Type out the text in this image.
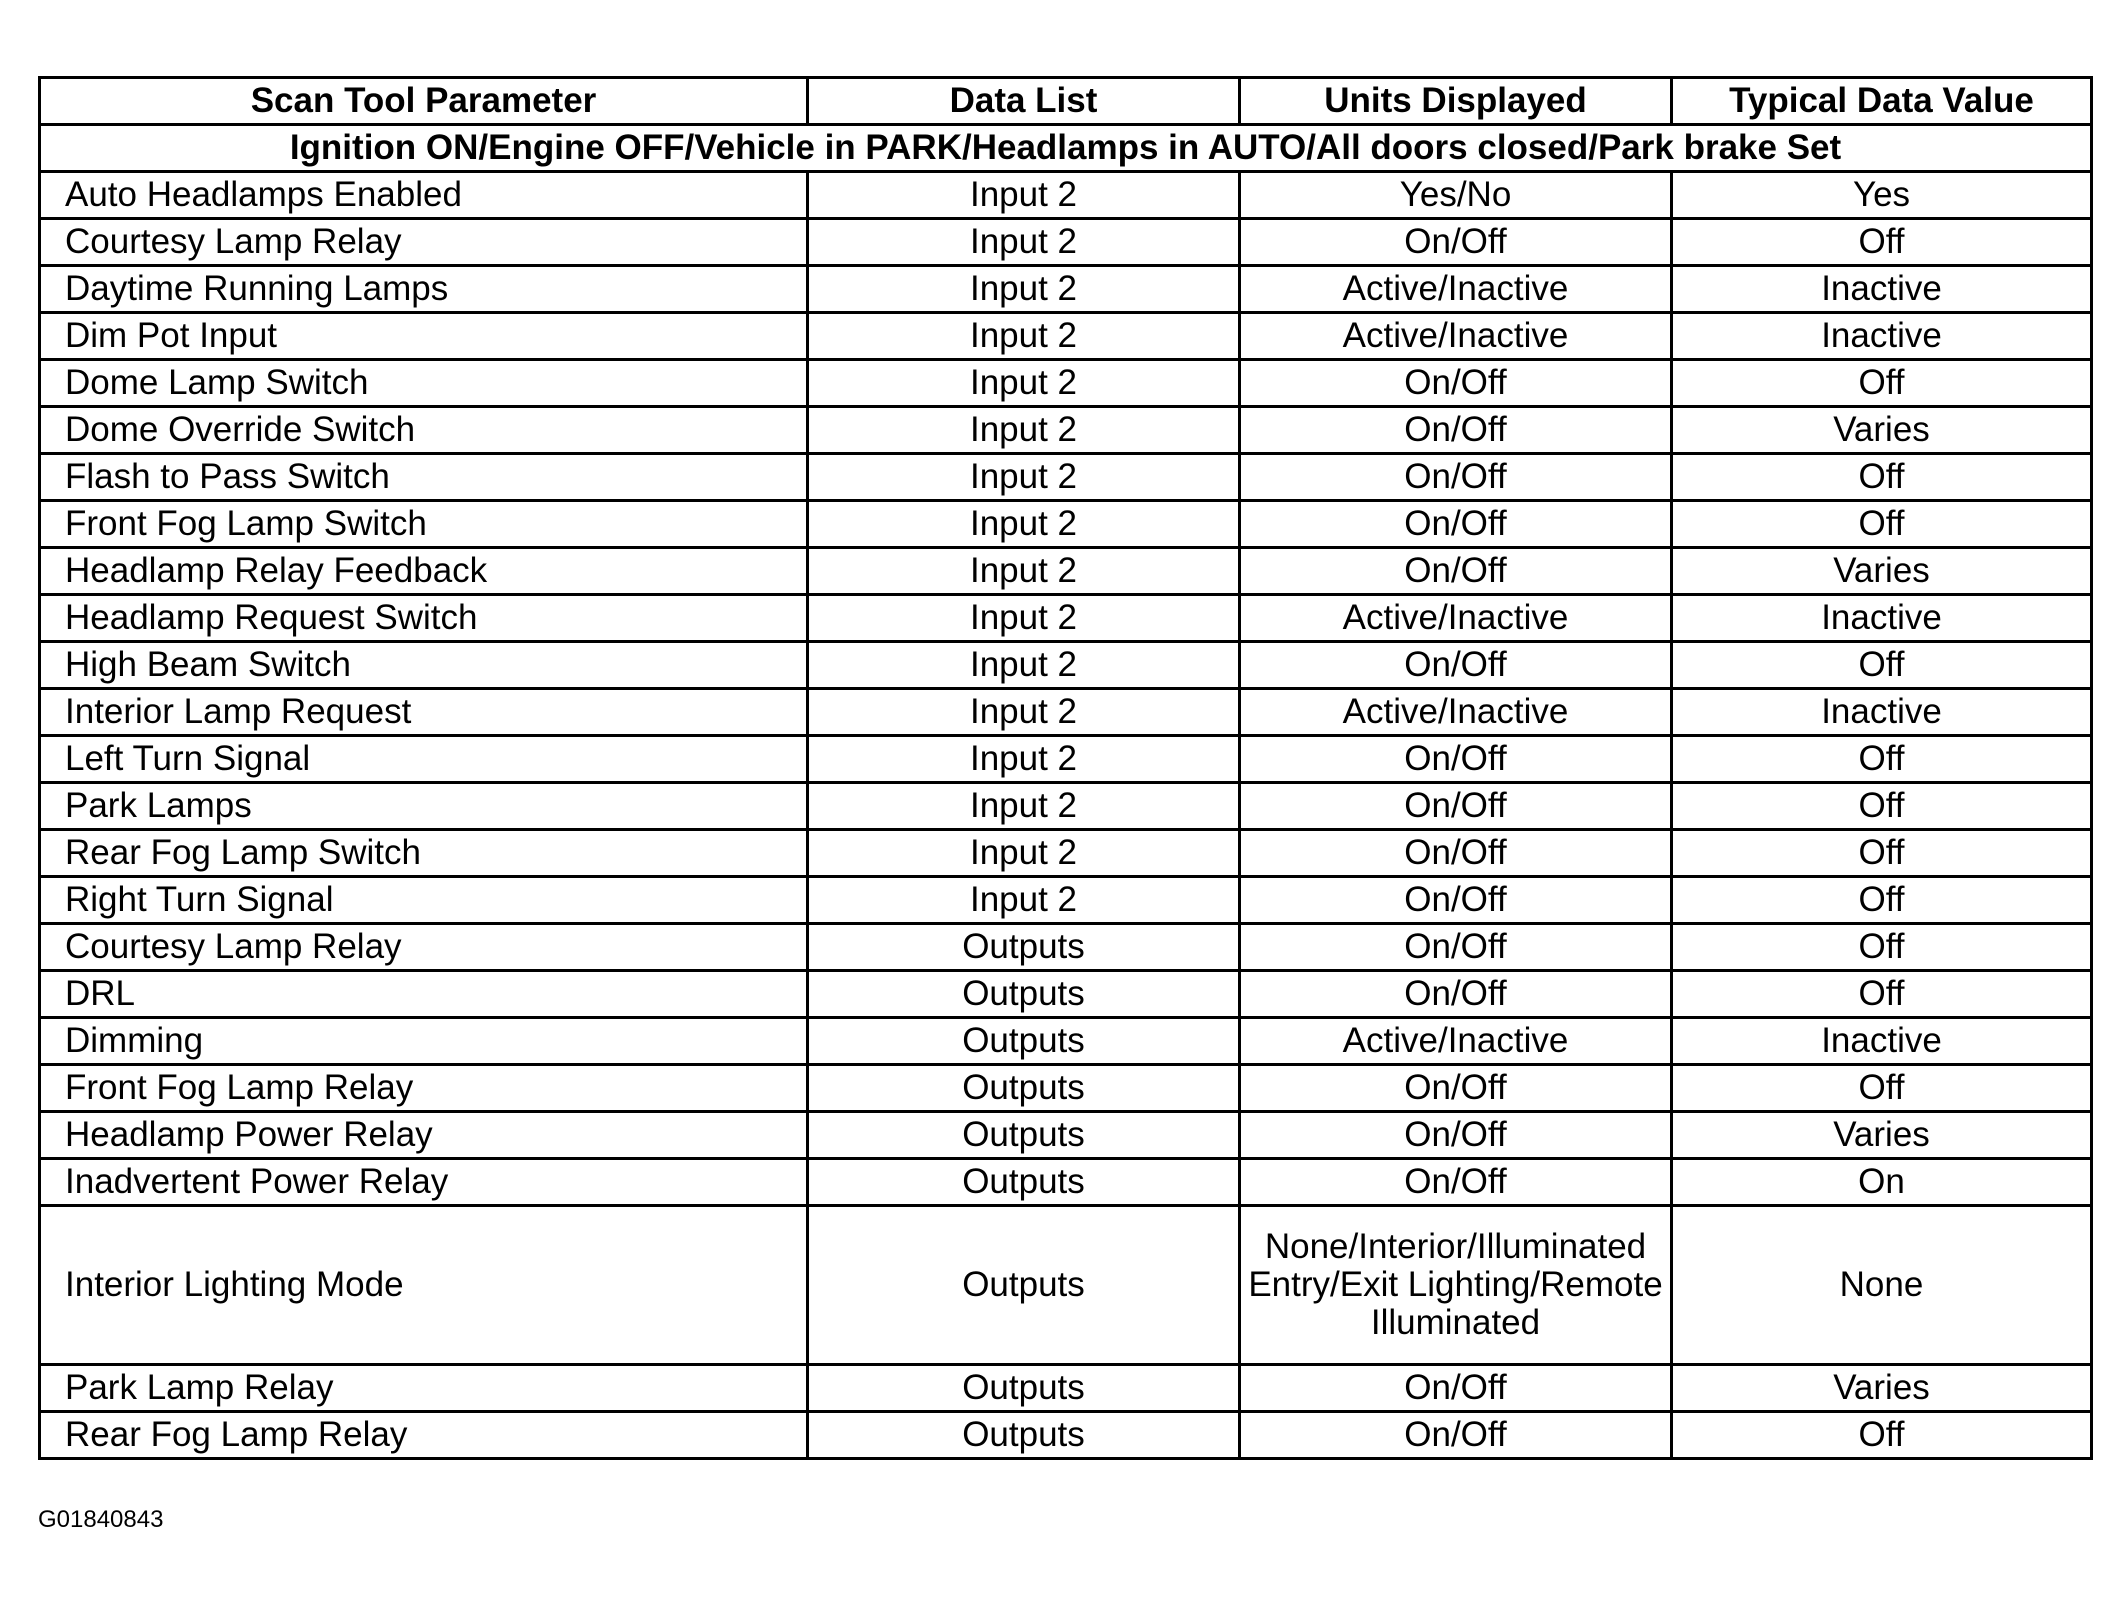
Scan Tool Parameter	Data List	Units Displayed	Typical Data Value
Ignition ON/Engine OFF/Vehicle in PARK/Headlamps in AUTO/All doors closed/Park brake Set			
Auto Headlamps Enabled	Input 2	Yes/No	Yes
Courtesy Lamp Relay	Input 2	On/Off	Off
Daytime Running Lamps	Input 2	Active/Inactive	Inactive
Dim Pot Input	Input 2	Active/Inactive	Inactive
Dome Lamp Switch	Input 2	On/Off	Off
Dome Override Switch	Input 2	On/Off	Varies
Flash to Pass Switch	Input 2	On/Off	Off
Front Fog Lamp Switch	Input 2	On/Off	Off
Headlamp Relay Feedback	Input 2	On/Off	Varies
Headlamp Request Switch	Input 2	Active/Inactive	Inactive
High Beam Switch	Input 2	On/Off	Off
Interior Lamp Request	Input 2	Active/Inactive	Inactive
Left Turn Signal	Input 2	On/Off	Off
Park Lamps	Input 2	On/Off	Off
Rear Fog Lamp Switch	Input 2	On/Off	Off
Right Turn Signal	Input 2	On/Off	Off
Courtesy Lamp Relay	Outputs	On/Off	Off
DRL	Outputs	On/Off	Off
Dimming	Outputs	Active/Inactive	Inactive
Front Fog Lamp Relay	Outputs	On/Off	Off
Headlamp Power Relay	Outputs	On/Off	Varies
Inadvertent Power Relay	Outputs	On/Off	On
Interior Lighting Mode	Outputs	None/Interior/Illuminated Entry/Exit Lighting/Remote Illuminated	None
Park Lamp Relay	Outputs	On/Off	Varies
Rear Fog Lamp Relay	Outputs	On/Off	Off
G01840843
